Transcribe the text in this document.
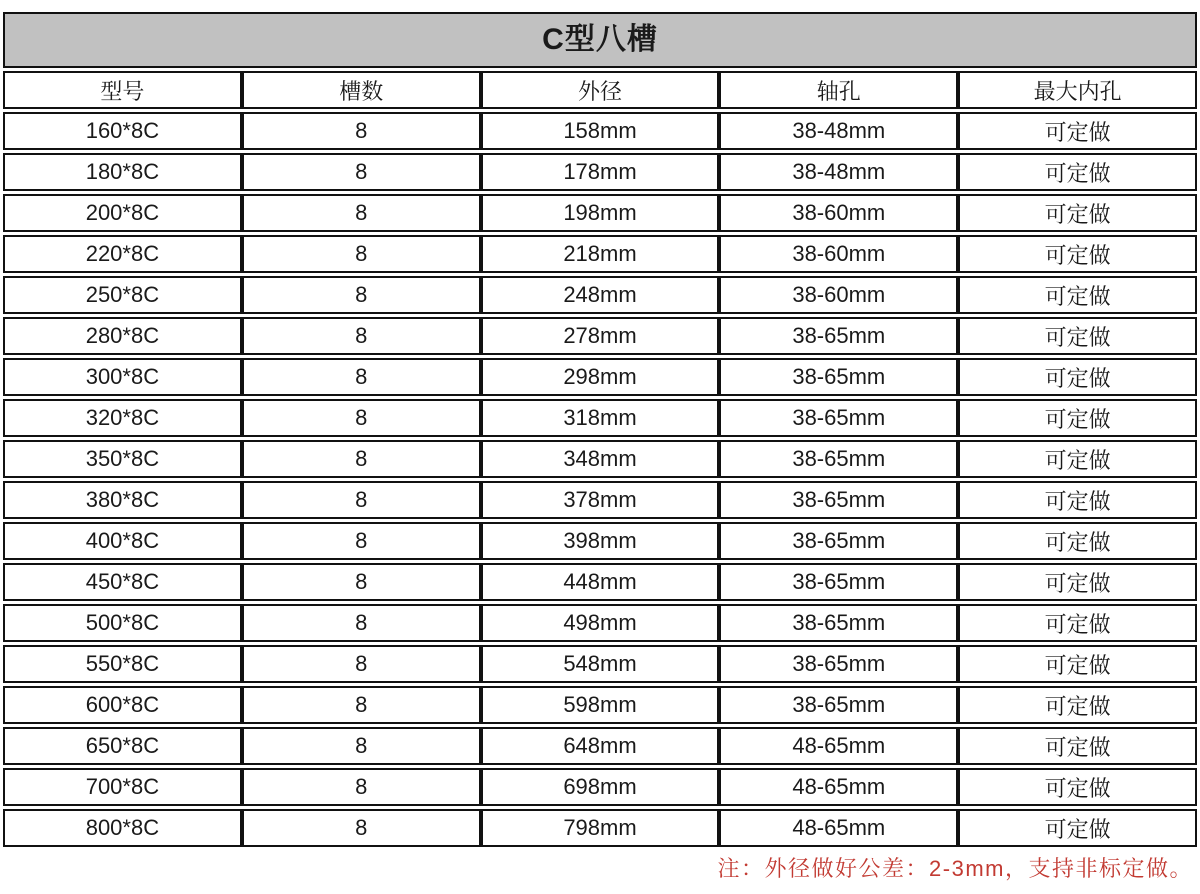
C型八槽
型号	槽数	外径	轴孔	最大内孔
160*8C	8	158mm	38-48mm	可定做
180*8C	8	178mm	38-48mm	可定做
200*8C	8	198mm	38-60mm	可定做
220*8C	8	218mm	38-60mm	可定做
250*8C	8	248mm	38-60mm	可定做
280*8C	8	278mm	38-65mm	可定做
300*8C	8	298mm	38-65mm	可定做
320*8C	8	318mm	38-65mm	可定做
350*8C	8	348mm	38-65mm	可定做
380*8C	8	378mm	38-65mm	可定做
400*8C	8	398mm	38-65mm	可定做
450*8C	8	448mm	38-65mm	可定做
500*8C	8	498mm	38-65mm	可定做
550*8C	8	548mm	38-65mm	可定做
600*8C	8	598mm	38-65mm	可定做
650*8C	8	648mm	48-65mm	可定做
700*8C	8	698mm	48-65mm	可定做
800*8C	8	798mm	48-65mm	可定做
注：外径做好公差：2-3mm，支持非标定做。
